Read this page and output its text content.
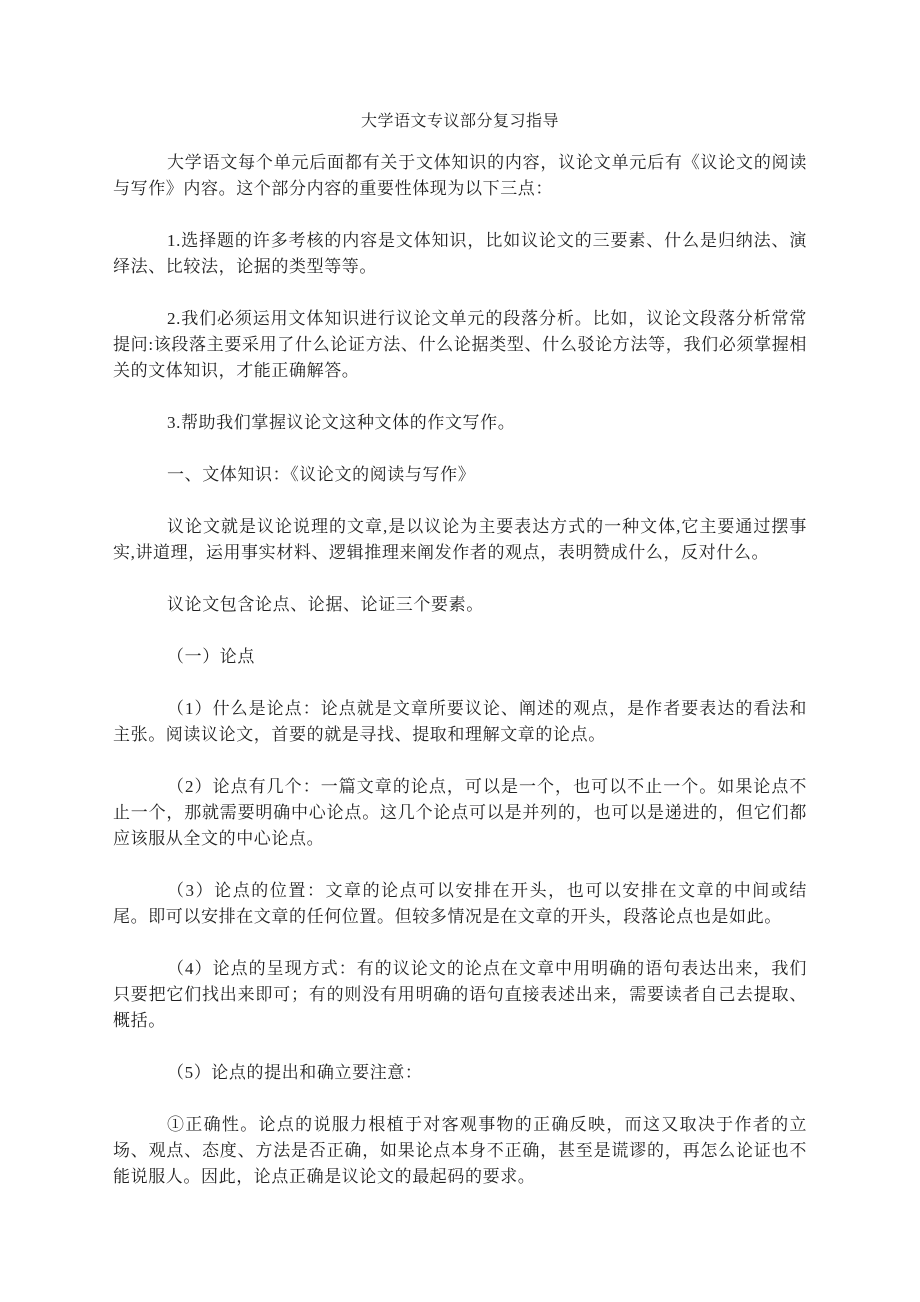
大学语文专议部分复习指导

大学语文每个单元后面都有关于文体知识的内容，议论文单元后有《议论文的阅读与写作》内容。这个部分内容的重要性体现为以下三点：

1.选择题的许多考核的内容是文体知识，比如议论文的三要素、什么是归纳法、演绎法、比较法，论据的类型等等。

2.我们必须运用文体知识进行议论文单元的段落分析。比如，议论文段落分析常常提问:该段落主要采用了什么论证方法、什么论据类型、什么驳论方法等，我们必须掌握相关的文体知识，才能正确解答。

3.帮助我们掌握议论文这种文体的作文写作。

一、文体知识：《议论文的阅读与写作》

议论文就是议论说理的文章,是以议论为主要表达方式的一种文体,它主要通过摆事实,讲道理，运用事实材料、逻辑推理来阐发作者的观点，表明赞成什么，反对什么。

议论文包含论点、论据、论证三个要素。

（一）论点

（1）什么是论点：论点就是文章所要议论、阐述的观点，是作者要表达的看法和主张。阅读议论文，首要的就是寻找、提取和理解文章的论点。

（2）论点有几个：一篇文章的论点，可以是一个，也可以不止一个。如果论点不止一个，那就需要明确中心论点。这几个论点可以是并列的，也可以是递进的，但它们都应该服从全文的中心论点。

（3）论点的位置：文章的论点可以安排在开头，也可以安排在文章的中间或结尾。即可以安排在文章的任何位置。但较多情况是在文章的开头，段落论点也是如此。

（4）论点的呈现方式：有的议论文的论点在文章中用明确的语句表达出来，我们只要把它们找出来即可；有的则没有用明确的语句直接表述出来，需要读者自己去提取、概括。

（5）论点的提出和确立要注意：

①正确性。论点的说服力根植于对客观事物的正确反映，而这又取决于作者的立场、观点、态度、方法是否正确，如果论点本身不正确，甚至是谎谬的，再怎么论证也不能说服人。因此，论点正确是议论文的最起码的要求。
